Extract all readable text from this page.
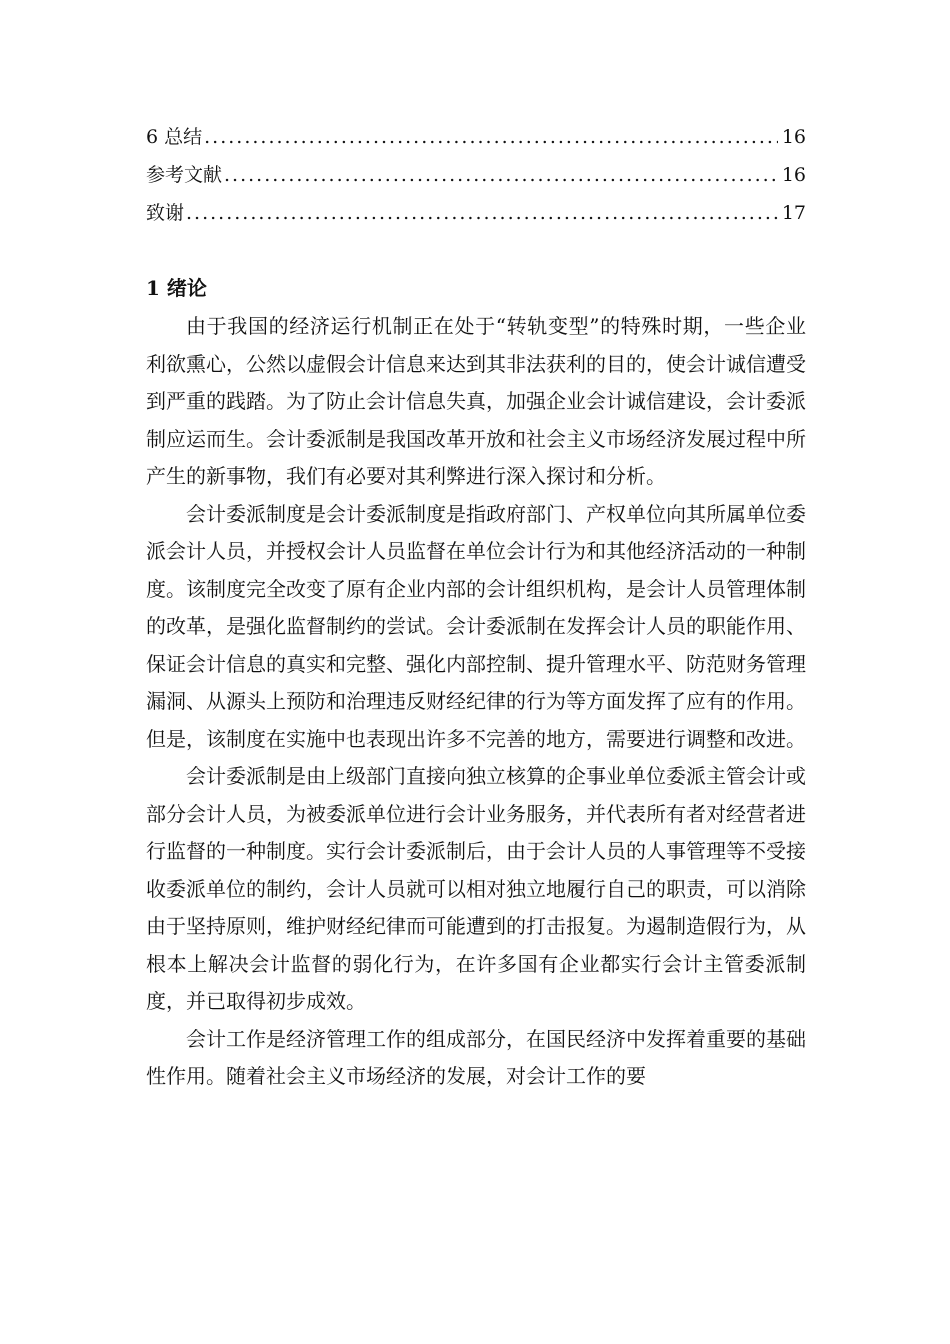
6 总结 .....	16
参考文献 .....	16
致谢 .....	17
1 绪论

由于我国的经济运行机制正在处于“转轨变型”的特殊时期，一些企业利欲熏心，公然以虚假会计信息来达到其非法获利的目的，使会计诚信遭受到严重的践踏。为了防止会计信息失真，加强企业会计诚信建设，会计委派制应运而生。会计委派制是我国改革开放和社会主义市场经济发展过程中所产生的新事物，我们有必要对其利弊进行深入探讨和分析。

会计委派制度是会计委派制度是指政府部门、产权单位向其所属单位委派会计人员，并授权会计人员监督在单位会计行为和其他经济活动的一种制度。该制度完全改变了原有企业内部的会计组织机构，是会计人员管理体制的改革，是强化监督制约的尝试。会计委派制在发挥会计人员的职能作用、保证会计信息的真实和完整、强化内部控制、提升管理水平、防范财务管理漏洞、从源头上预防和治理违反财经纪律的行为等方面发挥了应有的作用。但是，该制度在实施中也表现出许多不完善的地方，需要进行调整和改进。

会计委派制是由上级部门直接向独立核算的企事业单位委派主管会计或部分会计人员，为被委派单位进行会计业务服务，并代表所有者对经营者进行监督的一种制度。实行会计委派制后，由于会计人员的人事管理等不受接收委派单位的制约，会计人员就可以相对独立地履行自己的职责，可以消除由于坚持原则，维护财经纪律而可能遭到的打击报复。为遏制造假行为，从根本上解决会计监督的弱化行为，在许多国有企业都实行会计主管委派制度，并已取得初步成效。

会计工作是经济管理工作的组成部分，在国民经济中发挥着重要的基础性作用。随着社会主义市场经济的发展，对会计工作的要
